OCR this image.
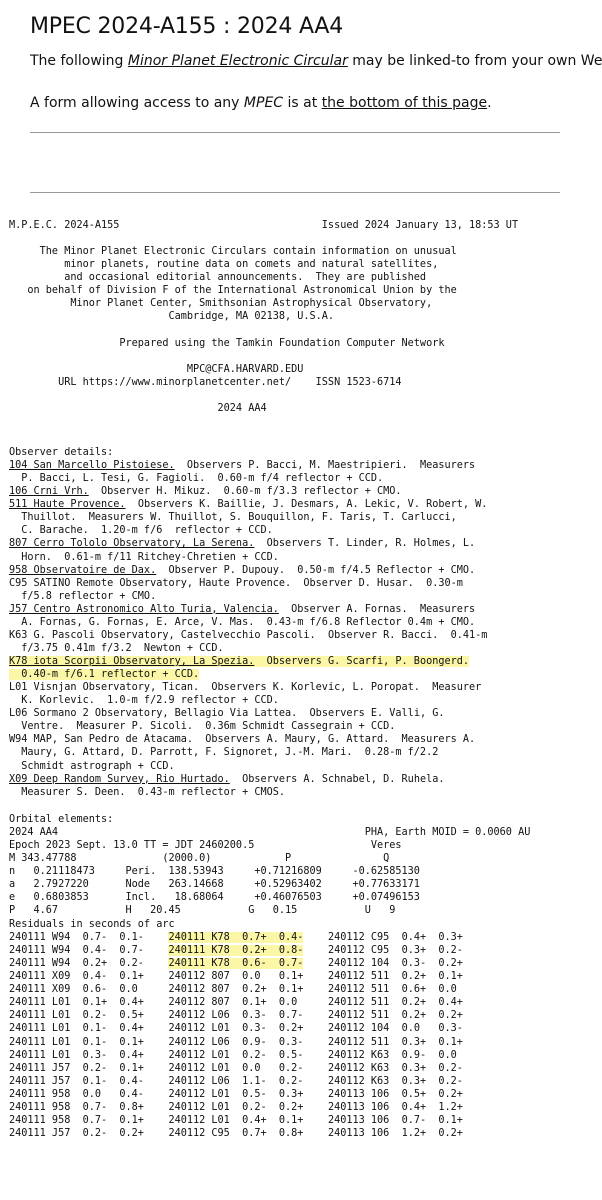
MPEC 2024-A155 : 2024 AA4

The following Minor Planet Electronic Circular may be linked-to from your own We

A form allowing access to any MPEC is at the bottom of this page.

M.P.E.C. 2024-A155                                 Issued 2024 January 13, 18:53 UT

The Minor Planet Electronic Circulars contain information on unusual
minor planets, routine data on comets and natural satellites,
and occasional editorial announcements.  They are published
on behalf of Division F of the International Astronomical Union by the
Minor Planet Center, Smithsonian Astrophysical Observatory,
Cambridge, MA 02138, U.S.A.

Prepared using the Tamkin Foundation Computer Network

MPC@CFA.HARVARD.EDU
URL https://www.minorplanetcenter.net/    ISSN 1523-6714

2024 AA4
Observer details:
104 San Marcello Pistoiese.  Observers P. Bacci, M. Maestripieri.  Measurers
P. Bacci, L. Tesi, G. Fagioli.  0.60-m f/4 reflector + CCD.
106 Crni Vrh.  Observer H. Mikuz.  0.60-m f/3.3 reflector + CMO.
511 Haute Provence.  Observers K. Baillie, J. Desmars, A. Lekic, V. Robert, W.
Thuillot.  Measurers W. Thuillot, S. Bouquillon, F. Taris, T. Carlucci,
C. Barache.  1.20-m f/6  reflector + CCD.
807 Cerro Tololo Observatory, La Serena.  Observers T. Linder, R. Holmes, L.
Horn.  0.61-m f/11 Ritchey-Chretien + CCD.
958 Observatoire de Dax.  Observer P. Dupouy.  0.50-m f/4.5 Reflector + CMO.
C95 SATINO Remote Observatory, Haute Provence.  Observer D. Husar.  0.30-m
f/5.8 reflector + CMO.
J57 Centro Astronomico Alto Turia, Valencia.  Observer A. Fornas.  Measurers
A. Fornas, G. Fornas, E. Arce, V. Mas.  0.43-m f/6.8 Reflector 0.4m + CMO.
K63 G. Pascoli Observatory, Castelvecchio Pascoli.  Observer R. Bacci.  0.41-m
f/3.75 0.41m f/3.2  Newton + CCD.
K78 iota Scorpii Observatory, La Spezia.  Observers G. Scarfi, P. Boongerd.
0.40-m f/6.1 reflector + CCD.
L01 Visnjan Observatory, Tican.  Observers K. Korlevic, L. Poropat.  Measurer
K. Korlevic.  1.0-m f/2.9 reflector + CCD.
L06 Sormano 2 Observatory, Bellagio Via Lattea.  Observers E. Valli, G.
Ventre.  Measurer P. Sicoli.  0.36m Schmidt Cassegrain + CCD.
W94 MAP, San Pedro de Atacama.  Observers A. Maury, G. Attard.  Measurers A.
Maury, G. Attard, D. Parrott, F. Signoret, J.-M. Mari.  0.28-m f/2.2
Schmidt astrograph + CCD.
X09 Deep Random Survey, Rio Hurtado.  Observers A. Schnabel, D. Ruhela.
Measurer S. Deen.  0.43-m reflector + CMOS.
Orbital elements:
2024 AA4                                                  PHA, Earth MOID = 0.0060 AU
Epoch 2023 Sept. 13.0 TT = JDT 2460200.5                   Veres
M 343.47788              (2000.0)            P               Q
n   0.21118473     Peri.  138.53943     +0.71216809     -0.62585130
a   2.7927220      Node   263.14668     +0.52963402     +0.77633171
e   0.6803853      Incl.   18.68064     +0.46076503     +0.07496153
P   4.67           H   20.45           G   0.15           U   9
Residuals in seconds of arc
240111 W94  0.7-  0.1- 240111 K78  0.7+  0.4- 240112 C95  0.4+  0.3+
240111 W94  0.4-  0.7- 240111 K78  0.2+  0.8- 240112 C95  0.3+  0.2-
240111 W94  0.2+  0.2- 240111 K78  0.6-  0.7- 240112 104  0.3-  0.2+
240111 X09  0.4-  0.1+ 240112 807  0.0   0.1+ 240112 511  0.2+  0.1+
240111 X09  0.6-  0.0     240112 807  0.2+  0.1+ 240112 511  0.6+  0.0
240111 L01  0.1+  0.4+ 240112 807  0.1+  0.0     240112 511  0.2+  0.4+
240111 L01  0.2-  0.5+ 240112 L06  0.3-  0.7- 240112 511  0.2+  0.2+
240111 L01  0.1-  0.4+ 240112 L01  0.3-  0.2+ 240112 104  0.0   0.3-
240111 L01  0.1-  0.1+ 240112 L06  0.9-  0.3- 240112 511  0.3+  0.1+
240111 L01  0.3-  0.4+ 240112 L01  0.2-  0.5- 240112 K63  0.9-  0.0
240111 J57  0.2-  0.1+ 240112 L01  0.0   0.2- 240112 K63  0.3+  0.2-
240111 J57  0.1-  0.4- 240112 L06  1.1-  0.2- 240112 K63  0.3+  0.2-
240111 958  0.0   0.4- 240112 L01  0.5-  0.3+ 240113 106  0.5+  0.2+
240111 958  0.7-  0.8+ 240112 L01  0.2-  0.2+ 240113 106  0.4+  1.2+
240111 958  0.7-  0.1+ 240112 L01  0.4+  0.1+ 240113 106  0.7-  0.1+
240111 J57  0.2-  0.2+ 240112 C95  0.7+  0.8+ 240113 106  1.2+  0.2+
